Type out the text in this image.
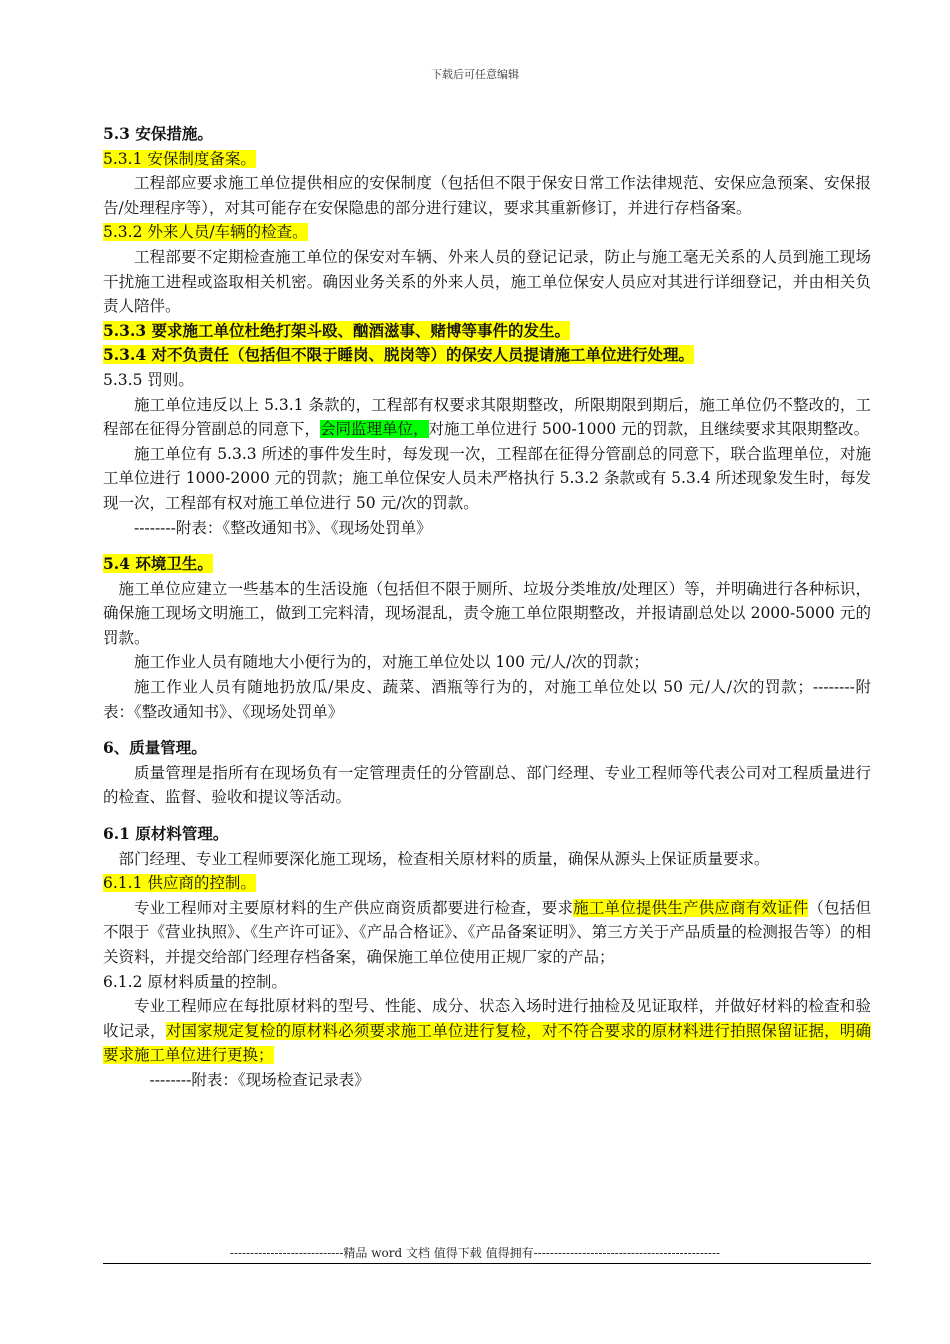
下载后可任意编辑

5.3 安保措施。

5.3.1 安保制度备案。

工程部应要求施工单位提供相应的安保制度（包括但不限于保安日常工作法律规范、安保应急预案、安保报告/处理程序等），对其可能存在安保隐患的部分进行建议，要求其重新修订，并进行存档备案。

5.3.2 外来人员/车辆的检查。

工程部要不定期检查施工单位的保安对车辆、外来人员的登记记录，防止与施工毫无关系的人员到施工现场干扰施工进程或盗取相关机密。确因业务关系的外来人员，施工单位保安人员应对其进行详细登记，并由相关负责人陪伴。

5.3.3 要求施工单位杜绝打架斗殴、酗酒滋事、赌博等事件的发生。

5.3.4 对不负责任（包括但不限于睡岗、脱岗等）的保安人员提请施工单位进行处理。

5.3.5 罚则。

施工单位违反以上 5.3.1 条款的，工程部有权要求其限期整改，所限期限到期后，施工单位仍不整改的，工程部在征得分管副总的同意下，会同监理单位，对施工单位进行 500-1000 元的罚款，且继续要求其限期整改。

施工单位有 5.3.3 所述的事件发生时，每发现一次，工程部在征得分管副总的同意下，联合监理单位，对施工单位进行 1000-2000 元的罚款；施工单位保安人员未严格执行 5.3.2 条款或有 5.3.4 所述现象发生时，每发现一次，工程部有权对施工单位进行 50 元/次的罚款。

--------附表：《整改通知书》、《现场处罚单》

5.4 环境卫生。

施工单位应建立一些基本的生活设施（包括但不限于厕所、垃圾分类堆放/处理区）等，并明确进行各种标识，确保施工现场文明施工，做到工完料清，现场混乱，责令施工单位限期整改，并报请副总处以 2000-5000 元的罚款。

施工作业人员有随地大小便行为的，对施工单位处以 100 元/人/次的罚款；

施工作业人员有随地扔放瓜/果皮、蔬菜、酒瓶等行为的，对施工单位处以 50 元/人/次的罚款；--------附表：《整改通知书》、《现场处罚单》

6、质量管理。

质量管理是指所有在现场负有一定管理责任的分管副总、部门经理、专业工程师等代表公司对工程质量进行的检查、监督、验收和提议等活动。

6.1 原材料管理。

部门经理、专业工程师要深化施工现场，检查相关原材料的质量，确保从源头上保证质量要求。

6.1.1 供应商的控制。

专业工程师对主要原材料的生产供应商资质都要进行检查，要求施工单位提供生产供应商有效证件（包括但不限于《营业执照》、《生产许可证》、《产品合格证》、《产品备案证明》、第三方关于产品质量的检测报告等）的相关资料，并提交给部门经理存档备案，确保施工单位使用正规厂家的产品；

6.1.2 原材料质量的控制。

专业工程师应在每批原材料的型号、性能、成分、状态入场时进行抽检及见证取样，并做好材料的检查和验收记录，对国家规定复检的原材料必须要求施工单位进行复检，对不符合要求的原材料进行拍照保留证据，明确要求施工单位进行更换；

--------附表：《现场检查记录表》

----------------------------精品 word 文档 值得下载 值得拥有----------------------------------------------
